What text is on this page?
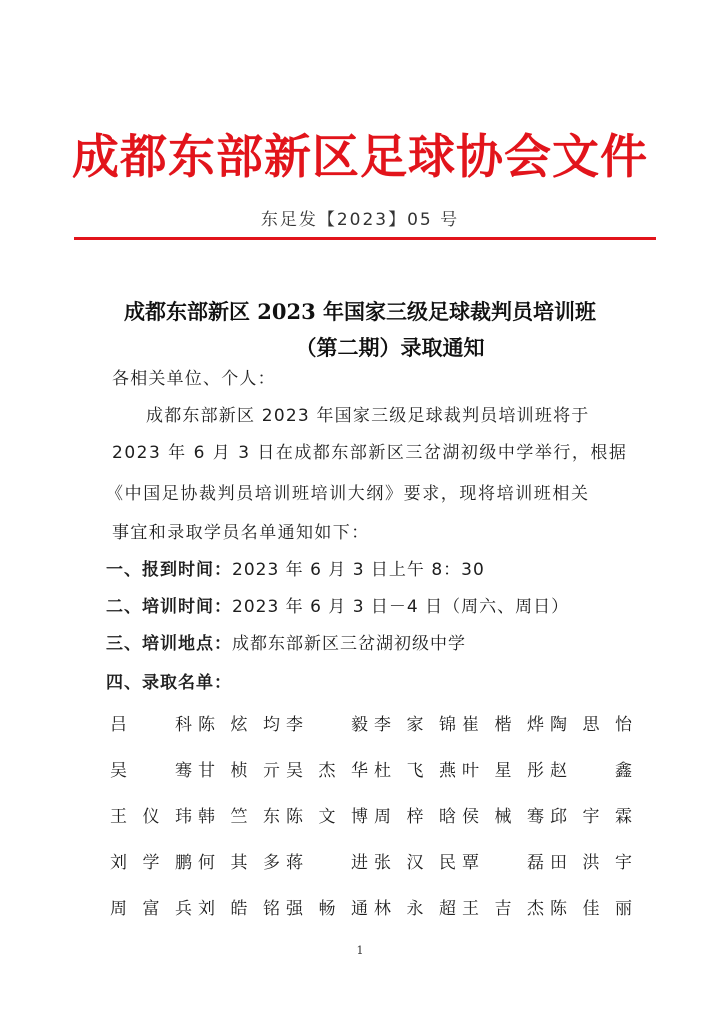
成都东部新区足球协会文件
东足发【2023】05 号
成都东部新区 2023 年国家三级足球裁判员培训班
（第二期）录取通知
各相关单位、个人：
成都东部新区 2023 年国家三级足球裁判员培训班将于
2023 年 6 月 3 日在成都东部新区三岔湖初级中学举行，根据
《中国足协裁判员培训班培训大纲》要求，现将培训班相关
事宜和录取学员名单通知如下：
一、报到时间：2023 年 6 月 3 日上午 8：30
二、培训时间：2023 年 6 月 3 日－4 日（周六、周日）
三、培训地点：成都东部新区三岔湖初级中学
四、录取名单：
吕	科 陈 炫 均 李	毅 李 家 锦 崔 楷 烨 陶 思 怡
吴	骞 甘 桢 亓 吴 杰 华 杜 飞 燕 叶 星 彤 赵	鑫
王 仪 玮 韩 竺 东 陈 文 博 周 梓 晗 侯 械 骞 邱 宇 霖
刘 学 鹏 何 其 多 蒋	进 张 汉 民 覃	磊 田 洪 宇
周 富 兵 刘 皓 铭 强 畅 通 林 永 超 王 吉 杰 陈 佳 丽
1
